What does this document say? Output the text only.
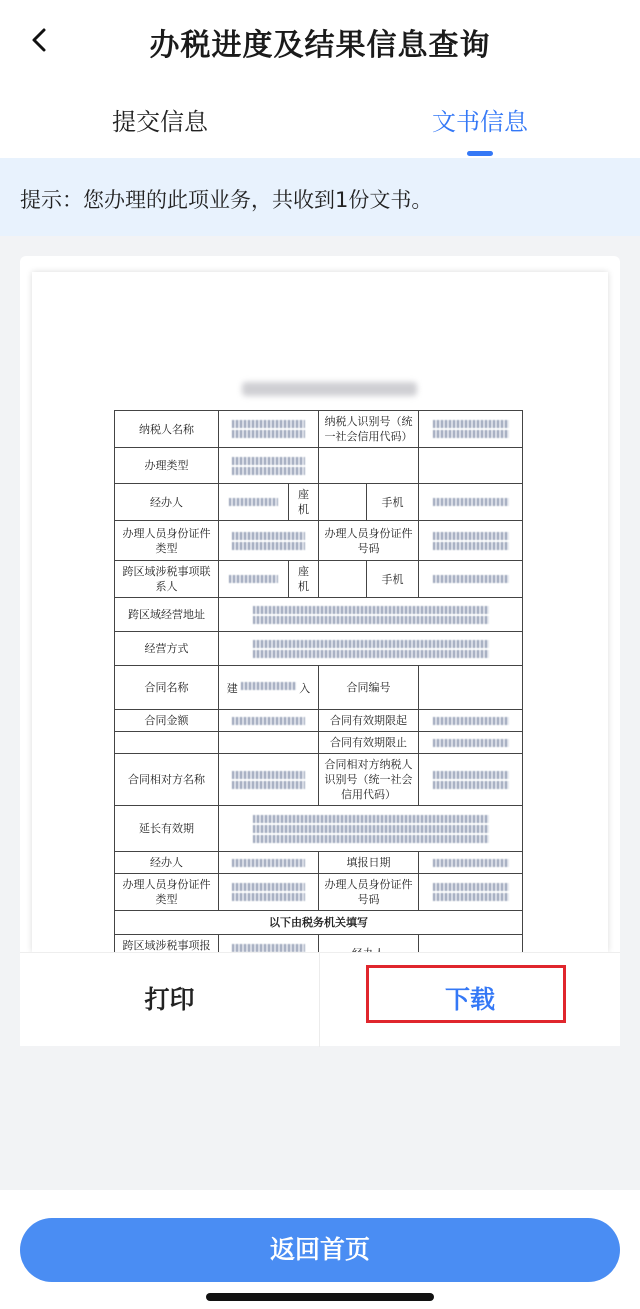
办税进度及结果信息查询
提交信息	文书信息
提示：您办理的此项业务，共收到1份文书。
纳税人名称			纳税人识别号（统一社会信用代码）		

办理类型			

经办人		座机		手机	

办理人员身份证件类型			办理人员身份证件号码		

跨区域涉税事项联系人		座机		手机	

跨区域经营地址					

经营方式					

合同名称	建 入		合同编号		
合同金额			合同有效期限起		

			合同有效期限止		

合同相对方名称			合同相对方纳税人识别号（统一社会信用代码）		

延长有效期					

经办人			填报日期		

办理人员身份证件类型			办理人员身份证件号码		

以下由税务机关填写					
跨区域涉税事项报	

打印	下载
返回首页
